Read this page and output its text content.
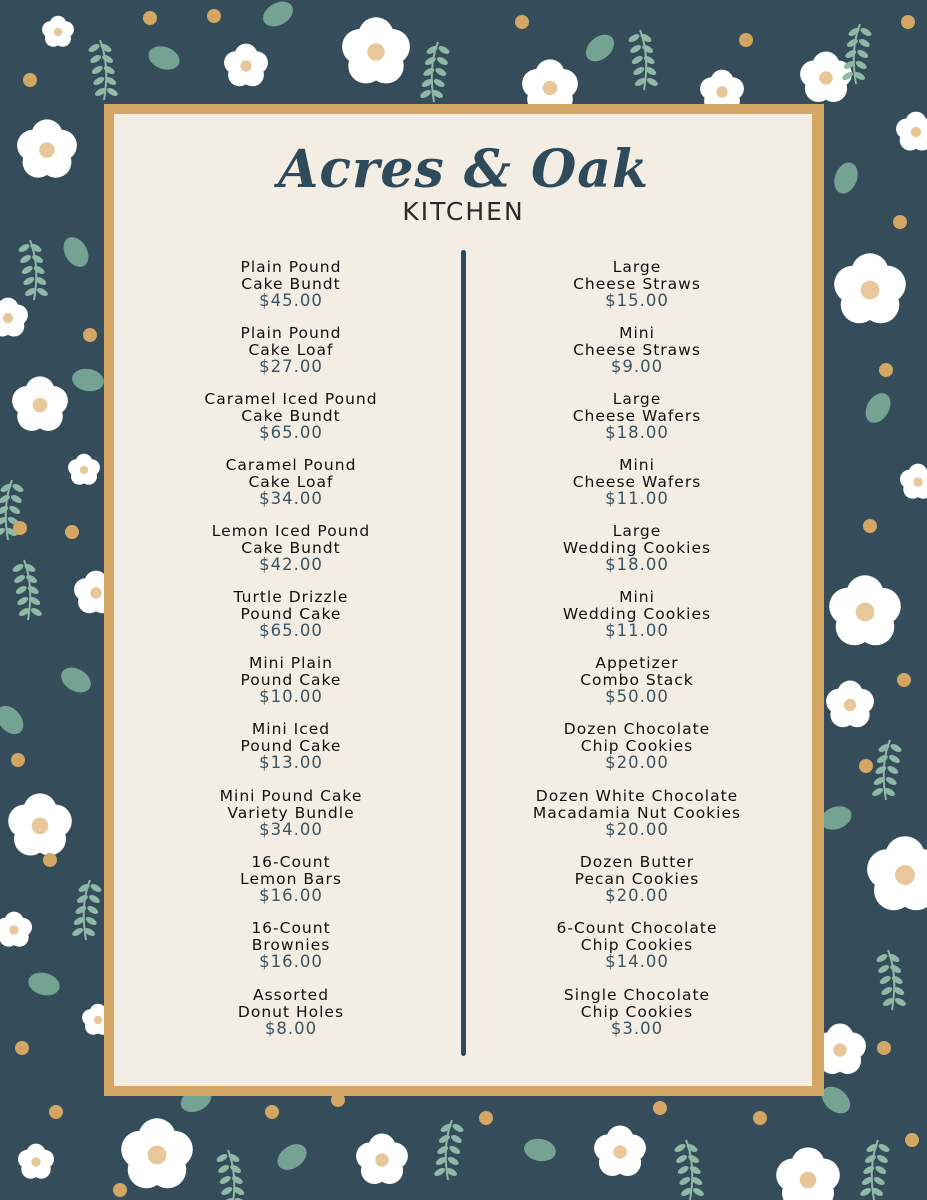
Acres & Oak
KITCHEN
Plain Pound
Cake Bundt
$45.00
Plain Pound
Cake Loaf
$27.00
Caramel Iced Pound
Cake Bundt
$65.00
Caramel Pound
Cake Loaf
$34.00
Lemon Iced Pound
Cake Bundt
$42.00
Turtle Drizzle
Pound Cake
$65.00
Mini Plain
Pound Cake
$10.00
Mini Iced
Pound Cake
$13.00
Mini Pound Cake
Variety Bundle
$34.00
16-Count
Lemon Bars
$16.00
16-Count
Brownies
$16.00
Assorted
Donut Holes
$8.00
Large
Cheese Straws
$15.00
Mini
Cheese Straws
$9.00
Large
Cheese Wafers
$18.00
Mini
Cheese Wafers
$11.00
Large
Wedding Cookies
$18.00
Mini
Wedding Cookies
$11.00
Appetizer
Combo Stack
$50.00
Dozen Chocolate
Chip Cookies
$20.00
Dozen White Chocolate
Macadamia Nut Cookies
$20.00
Dozen Butter
Pecan Cookies
$20.00
6-Count Chocolate
Chip Cookies
$14.00
Single Chocolate
Chip Cookies
$3.00
